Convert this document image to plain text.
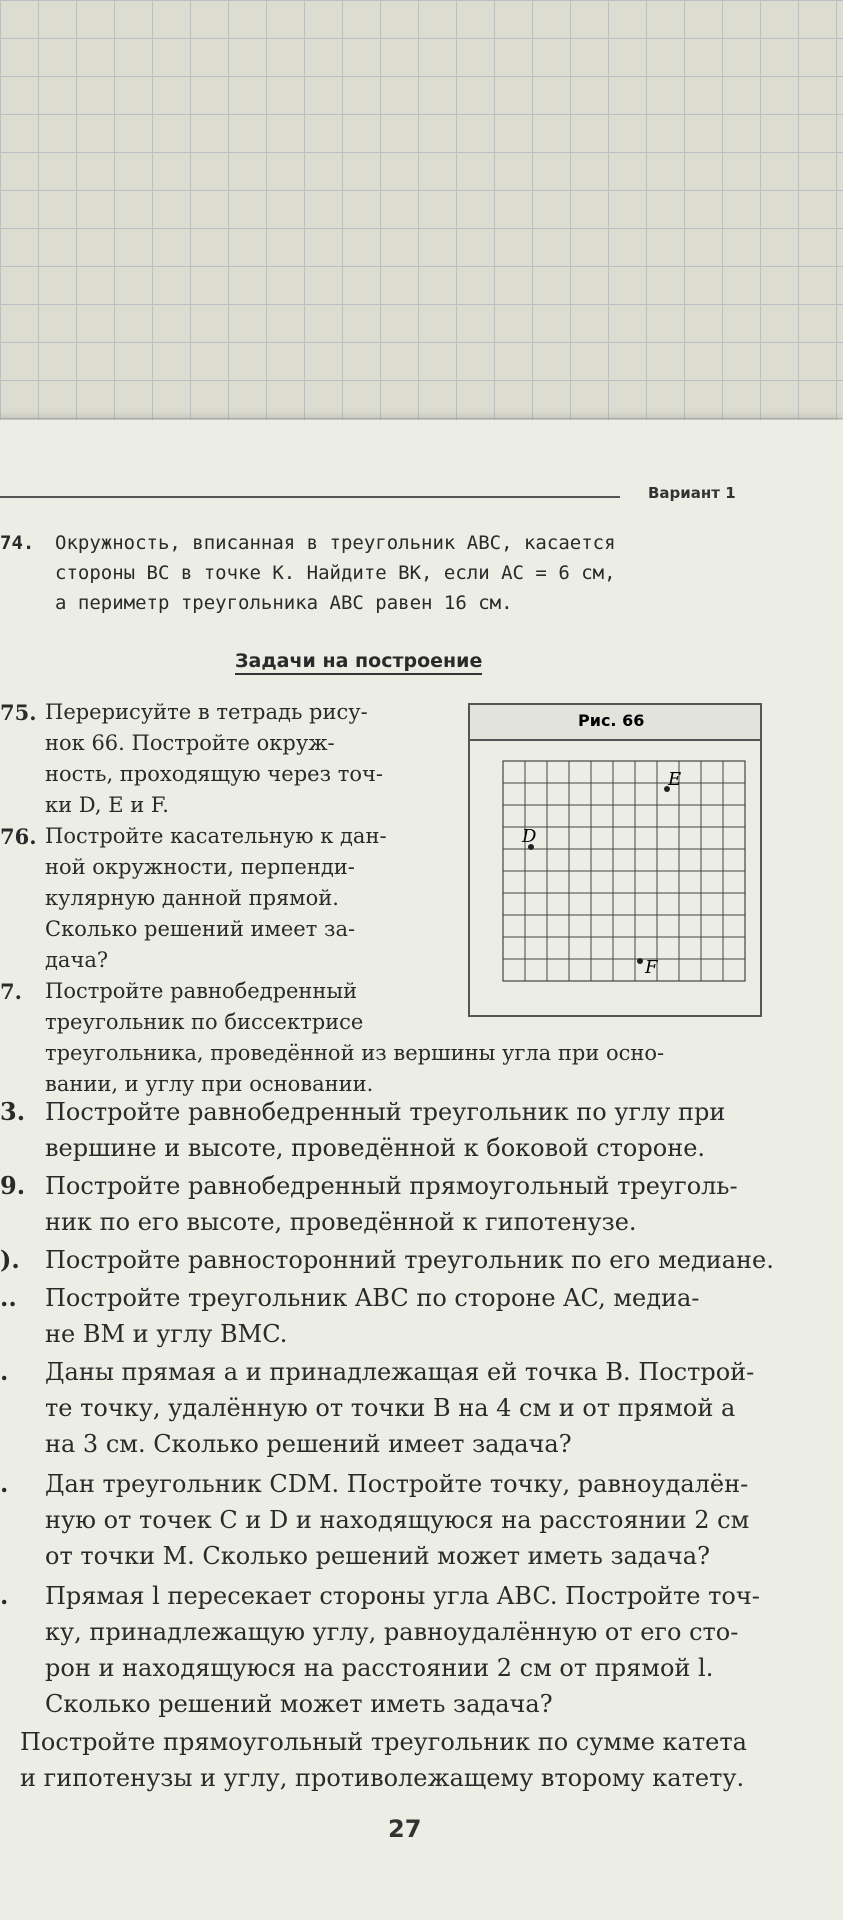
Вариант 1
74. Окружность, вписанная в треугольник ABC, касается
стороны BC в точке K. Найдите BK, если AC = 6 см,
а периметр треугольника ABC равен 16 см.
Задачи на построение
75. Перерисуйте в тетрадь рису-
нок 66. Постройте окруж-
ность, проходящую через точ-
ки D, E и F.
76. Постройте касательную к дан-
ной окружности, перпенди-
кулярную данной прямой.
Сколько решений имеет за-
дача?
7. Постройте равнобедренный
треугольник по биссектрисе
треугольника, проведённой из вершины угла при осно-
вании, и углу при основании.
Рис. 66
D
E
F
3. Постройте равнобедренный треугольник по углу при
вершине и высоте, проведённой к боковой стороне.
9. Постройте равнобедренный прямоугольный треуголь-
ник по его высоте, проведённой к гипотенузе.
). Постройте равносторонний треугольник по его медиане.
.. Постройте треугольник ABC по стороне AC, медиа-
не BM и углу BMC.
. Даны прямая a и принадлежащая ей точка B. Построй-
те точку, удалённую от точки B на 4 см и от прямой a
на 3 см. Сколько решений имеет задача?
. Дан треугольник CDM. Постройте точку, равноудалён-
ную от точек C и D и находящуюся на расстоянии 2 см
от точки M. Сколько решений может иметь задача?
. Прямая l пересекает стороны угла ABC. Постройте точ-
ку, принадлежащую углу, равноудалённую от его сто-
рон и находящуюся на расстоянии 2 см от прямой l.
Сколько решений может иметь задача?
Постройте прямоугольный треугольник по сумме катета
и гипотенузы и углу, противолежащему второму катету.
27
